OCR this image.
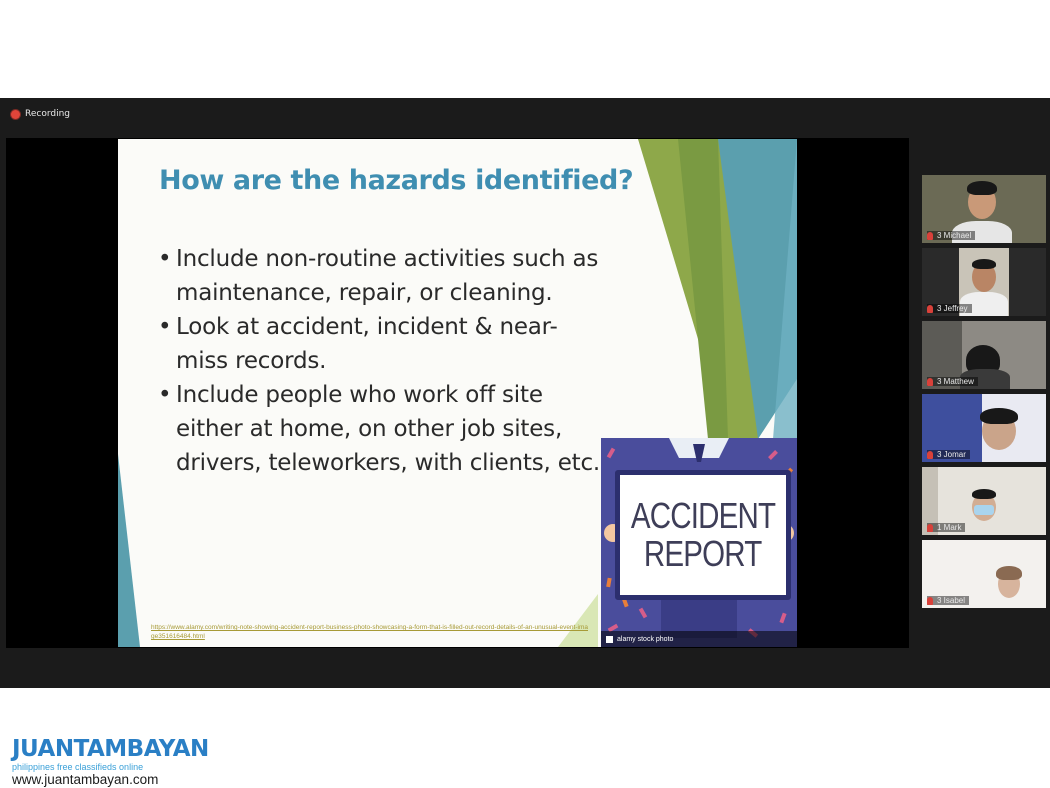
Recording
How are the hazards identified?
• Include non-routine activities such as maintenance, repair, or cleaning.
• Look at accident, incident & near-miss records.
• Include people who work off site either at home, on other job sites, drivers, teleworkers, with clients, etc.
ACCIDENT
REPORT
alamy stock photo
https://www.alamy.com/writing-note-showing-accident-report-business-photo-showcasing-a-form-that-is-filled-out-record-details-of-an-unusual-event-image351616484.html
3 Michael
3 Jeffrey
3 Matthew
3 Jomar
1 Mark
3 Isabel
JUANTAMBAYAN
philippines free classifieds online
www.juantambayan.com
